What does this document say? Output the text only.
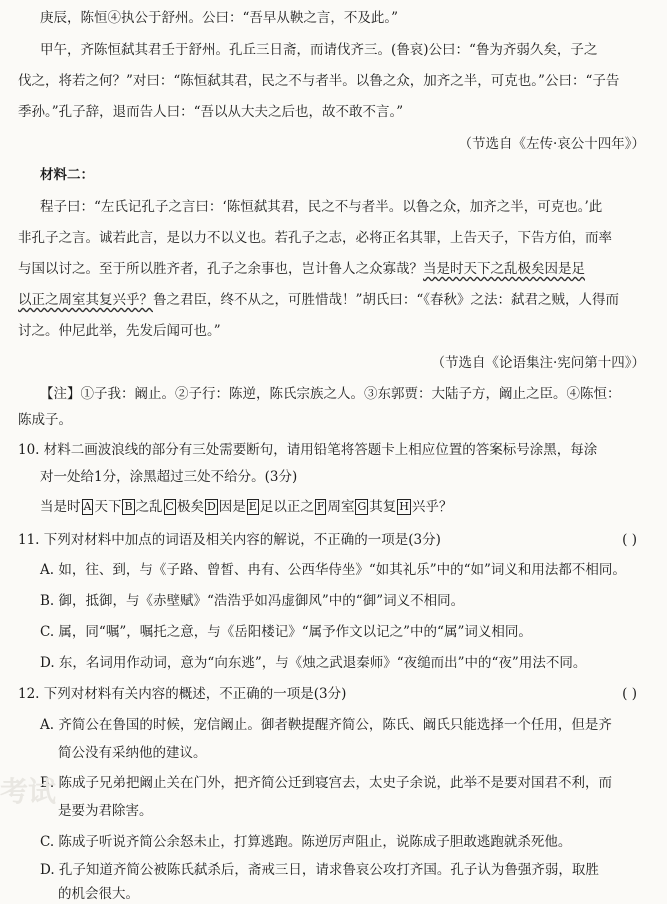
庚辰，陈恒④执公于舒州。公曰：“吾早从鞅之言，不及此。”
甲午，齐陈恒弑其君壬于舒州。孔丘三日斋，而请伐齐三。(鲁哀)公曰：“鲁为齐弱久矣，子之
伐之，将若之何？”对曰：“陈恒弑其君，民之不与者半。以鲁之众，加齐之半，可克也。”公曰：“子告
季孙。”孔子辞，退而告人曰：“吾以从大夫之后也，故不敢不言。”
（节选自《左传·哀公十四年》）
材料二：
程子曰：“左氏记孔子之言曰：‘陈恒弑其君，民之不与者半。以鲁之众，加齐之半，可克也。’此
非孔子之言。诚若此言，是以力不以义也。若孔子之志，必将正名其罪，上告天子，下告方伯，而率
与国以讨之。至于所以胜齐者，孔子之余事也，岂计鲁人之众寡哉？当是时天下之乱极矣因是足
以正之周室其复兴乎？鲁之君臣，终不从之，可胜惜哉！”胡氏曰：“《春秋》之法：弑君之贼，人得而
讨之。仲尼此举，先发后闻可也。”
（节选自《论语集注·宪问第十四》）
【注】①子我：阚止。②子行：陈逆，陈氏宗族之人。③东郭贾：大陆子方，阚止之臣。④陈恒：
陈成子。
10. 材料二画波浪线的部分有三处需要断句，请用铅笔将答题卡上相应位置的答案标号涂黑，每涂
对一处给1分，涂黑超过三处不给分。(3分)
当是时 A 天下 B 之乱 C 极矣 D 因是 E 足以正之 F 周室 G 其复 H 兴乎？
11. 下列对材料中加点的词语及相关内容的解说，不正确的一项是(3分)	( )
A. 如，往、到，与《子路、曾皙、冉有、公西华侍坐》“如其礼乐”中的“如”词义和用法都不相同。
B. 御，抵御，与《赤壁赋》“浩浩乎如冯虚御风”中的“御”词义不相同。
C. 属，同“嘱”，嘱托之意，与《岳阳楼记》“属予作文以记之”中的“属”词义相同。
D. 东，名词用作动词，意为“向东逃”，与《烛之武退秦师》“夜缒而出”中的“夜”用法不同。
12. 下列对材料有关内容的概述，不正确的一项是(3分)	( )
A. 齐简公在鲁国的时候，宠信阚止。御者鞅提醒齐简公，陈氏、阚氏只能选择一个任用，但是齐
简公没有采纳他的建议。
B. 陈成子兄弟把阚止关在门外，把齐简公迁到寝宫去，太史子余说，此举不是要对国君不利，而
是要为君除害。
C. 陈成子听说齐简公余怒未止，打算逃跑。陈逆厉声阻止，说陈成子胆敢逃跑就杀死他。
D. 孔子知道齐简公被陈氏弑杀后，斋戒三日，请求鲁哀公攻打齐国。孔子认为鲁强齐弱，取胜
的机会很大。
考试
